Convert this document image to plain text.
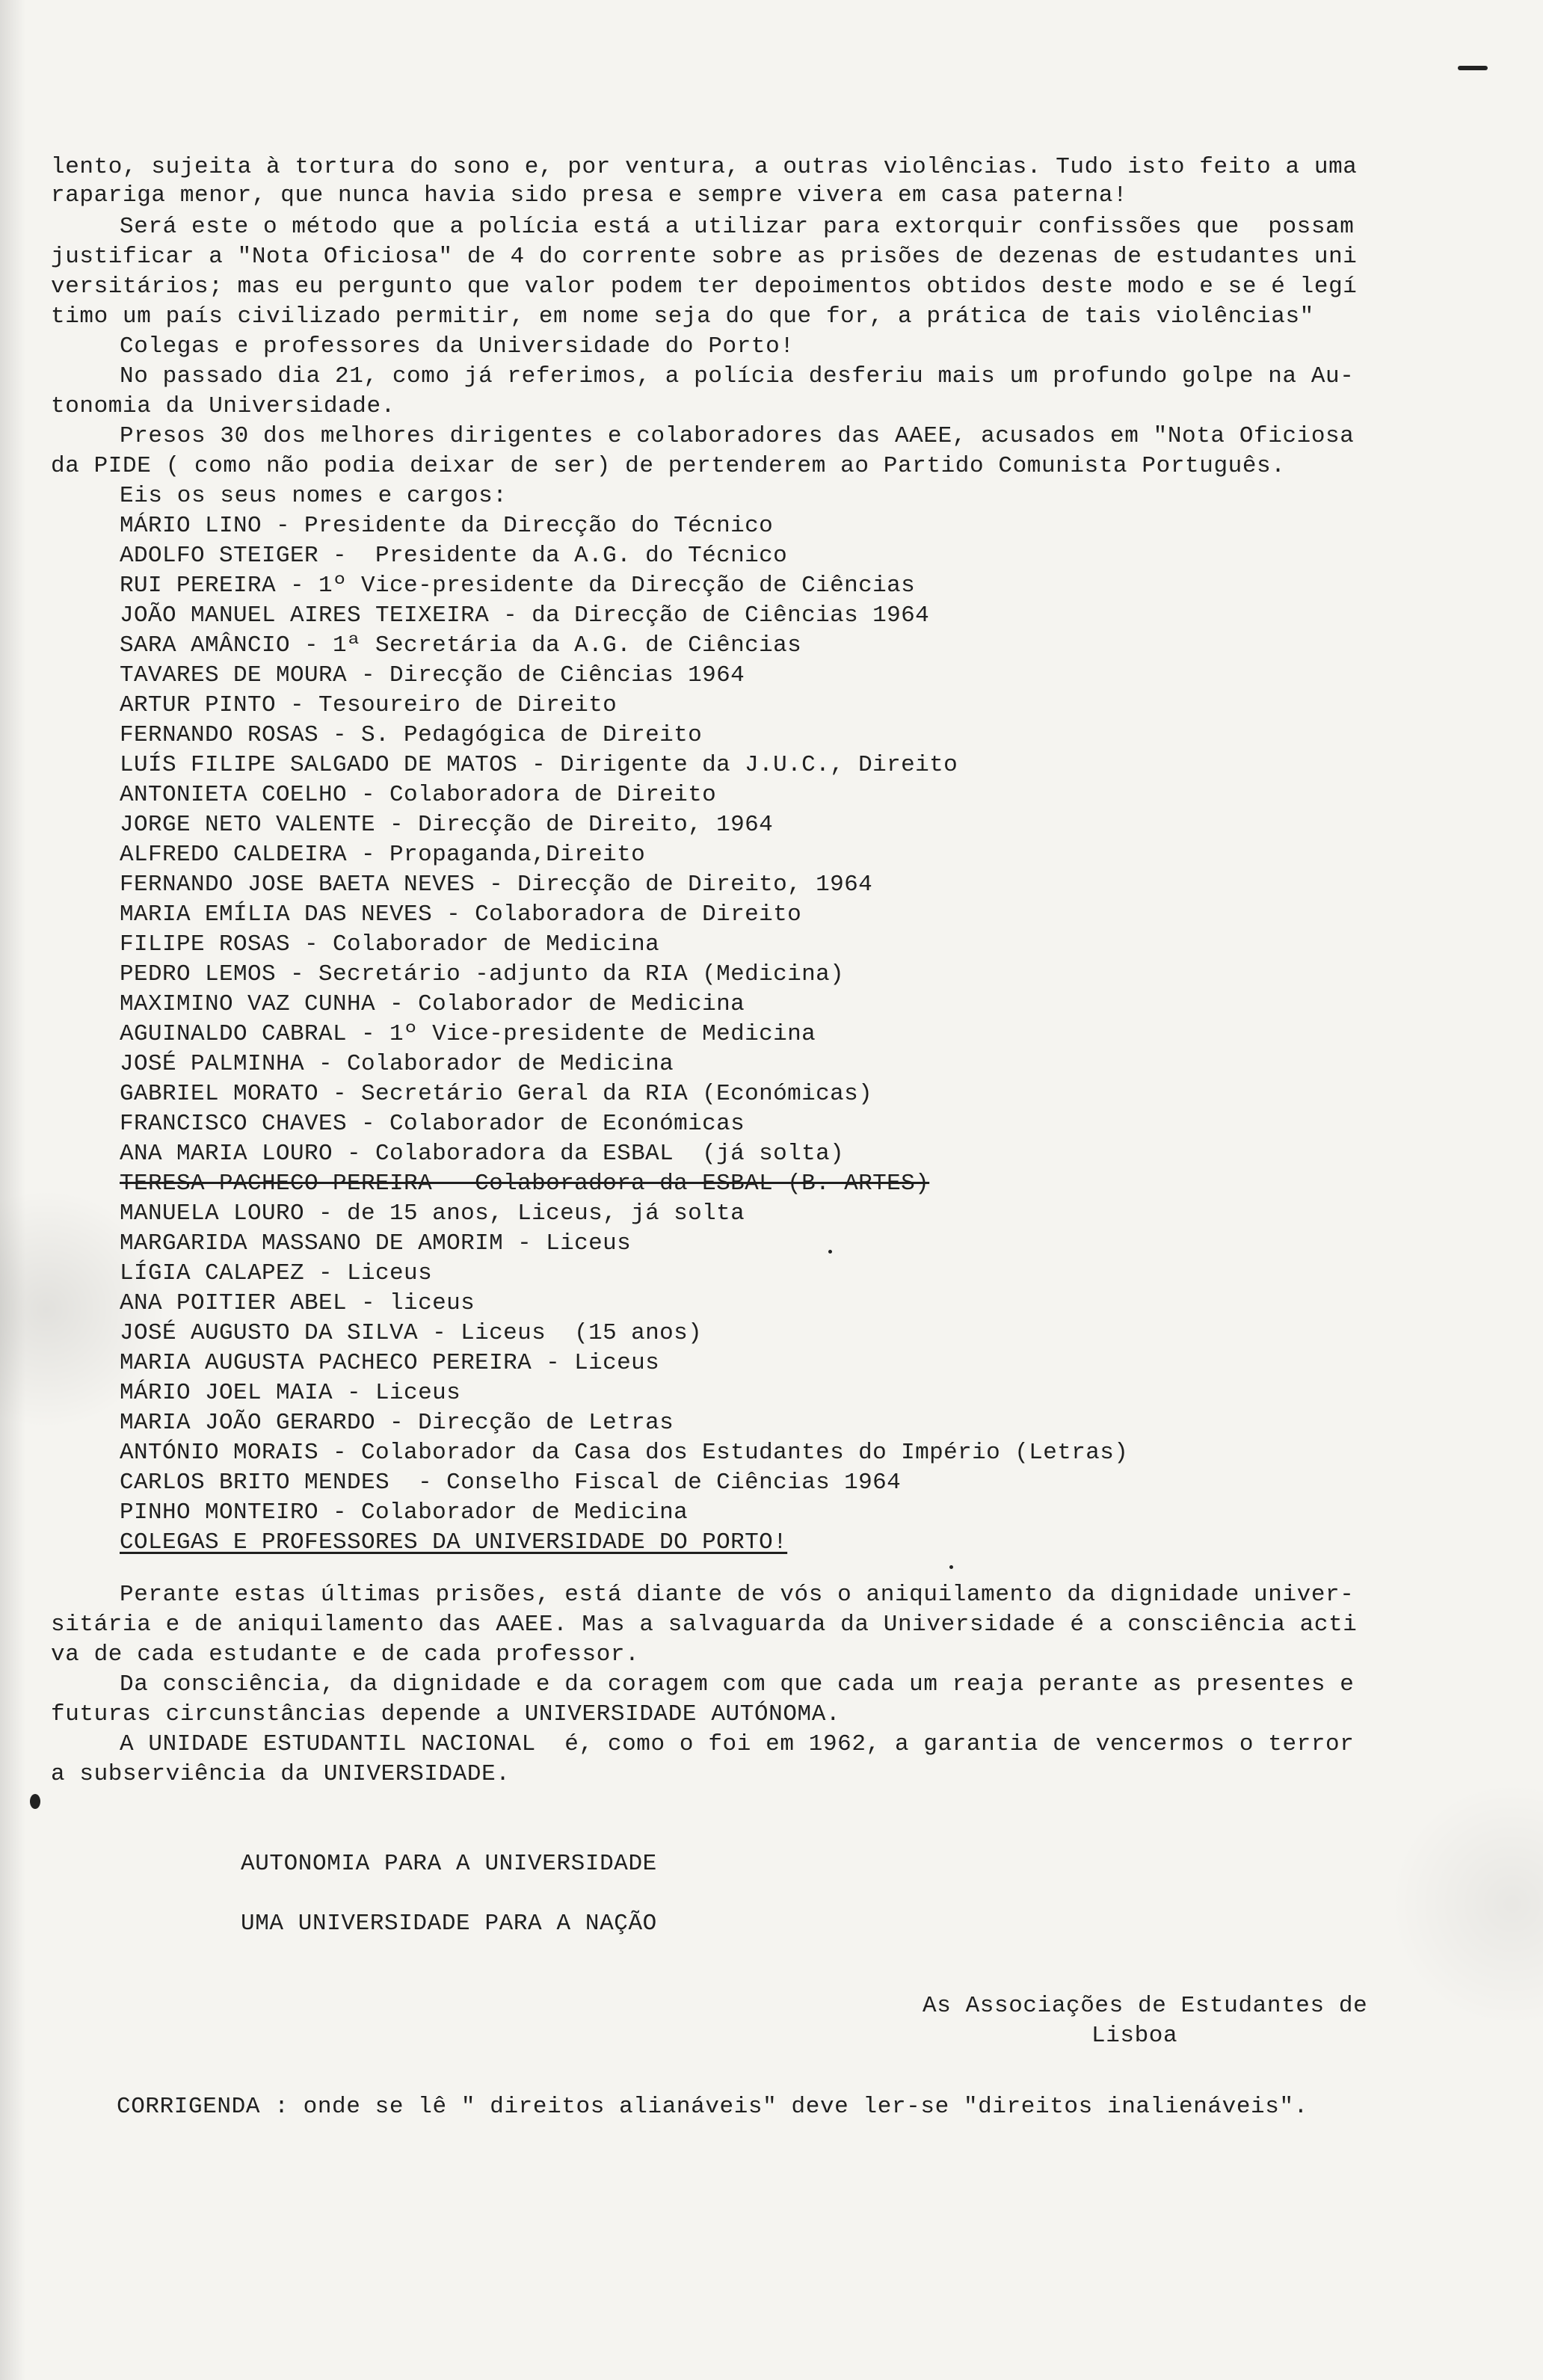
lento, sujeita à tortura do sono e, por ventura, a outras violências. Tudo isto feito a uma
rapariga menor, que nunca havia sido presa e sempre vivera em casa paterna!
Será este o método que a polícia está a utilizar para extorquir confissões que  possam
justificar a "Nota Oficiosa" de 4 do corrente sobre as prisões de dezenas de estudantes uni
versitários; mas eu pergunto que valor podem ter depoimentos obtidos deste modo e se é legí
timo um país civilizado permitir, em nome seja do que for, a prática de tais violências"
Colegas e professores da Universidade do Porto!
No passado dia 21, como já referimos, a polícia desferiu mais um profundo golpe na Au-
tonomia da Universidade.
Presos 30 dos melhores dirigentes e colaboradores das AAEE, acusados em "Nota Oficiosa
da PIDE ( como não podia deixar de ser) de pertenderem ao Partido Comunista Português.
Eis os seus nomes e cargos:
MÁRIO LINO - Presidente da Direcção do Técnico
ADOLFO STEIGER -  Presidente da A.G. do Técnico
RUI PEREIRA - 1º Vice-presidente da Direcção de Ciências
JOÃO MANUEL AIRES TEIXEIRA - da Direcção de Ciências 1964
SARA AMÂNCIO - 1ª Secretária da A.G. de Ciências
TAVARES DE MOURA - Direcção de Ciências 1964
ARTUR PINTO - Tesoureiro de Direito
FERNANDO ROSAS - S. Pedagógica de Direito
LUÍS FILIPE SALGADO DE MATOS - Dirigente da J.U.C., Direito
ANTONIETA COELHO - Colaboradora de Direito
JORGE NETO VALENTE - Direcção de Direito, 1964
ALFREDO CALDEIRA - Propaganda,Direito
FERNANDO JOSE BAETA NEVES - Direcção de Direito, 1964
MARIA EMÍLIA DAS NEVES - Colaboradora de Direito
FILIPE ROSAS - Colaborador de Medicina
PEDRO LEMOS - Secretário -adjunto da RIA (Medicina)
MAXIMINO VAZ CUNHA - Colaborador de Medicina
AGUINALDO CABRAL - 1º Vice-presidente de Medicina
JOSÉ PALMINHA - Colaborador de Medicina
GABRIEL MORATO - Secretário Geral da RIA (Económicas)
FRANCISCO CHAVES - Colaborador de Económicas
ANA MARIA LOURO - Colaboradora da ESBAL  (já solta)
TERESA PACHECO PEREIRA - Colaboradora da ESBAL (B. ARTES)
MANUELA LOURO - de 15 anos, Liceus, já solta
MARGARIDA MASSANO DE AMORIM - Liceus
LÍGIA CALAPEZ - Liceus
ANA POITIER ABEL - liceus
JOSÉ AUGUSTO DA SILVA - Liceus  (15 anos)
MARIA AUGUSTA PACHECO PEREIRA - Liceus
MÁRIO JOEL MAIA - Liceus
MARIA JOÃO GERARDO - Direcção de Letras
ANTÓNIO MORAIS - Colaborador da Casa dos Estudantes do Império (Letras)
CARLOS BRITO MENDES  - Conselho Fiscal de Ciências 1964
PINHO MONTEIRO - Colaborador de Medicina
COLEGAS E PROFESSORES DA UNIVERSIDADE DO PORTO!
Perante estas últimas prisões, está diante de vós o aniquilamento da dignidade univer-
sitária e de aniquilamento das AAEE. Mas a salvaguarda da Universidade é a consciência acti
va de cada estudante e de cada professor.
Da consciência, da dignidade e da coragem com que cada um reaja perante as presentes e
futuras circunstâncias depende a UNIVERSIDADE AUTÓNOMA.
A UNIDADE ESTUDANTIL NACIONAL  é, como o foi em 1962, a garantia de vencermos o terror
a subserviência da UNIVERSIDADE.
AUTONOMIA PARA A UNIVERSIDADE
UMA UNIVERSIDADE PARA A NAÇÃO
As Associações de Estudantes de
Lisboa
CORRIGENDA : onde se lê " direitos alianáveis" deve ler-se "direitos inalienáveis".
